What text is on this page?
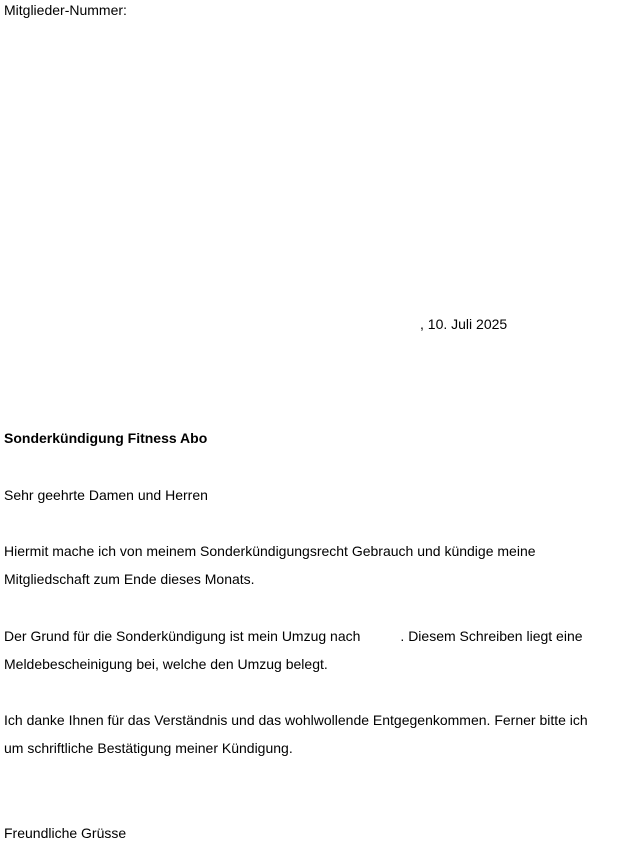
Mitglieder-Nummer:
, 10. Juli 2025
Sonderkündigung Fitness Abo
Sehr geehrte Damen und Herren
Hiermit mache ich von meinem Sonderkündigungsrecht Gebrauch und kündige meine
Mitgliedschaft zum Ende dieses Monats.
Der Grund für die Sonderkündigung ist mein Umzug nach	. Diesem Schreiben liegt eine
Meldebescheinigung bei, welche den Umzug belegt.
Ich danke Ihnen für das Verständnis und das wohlwollende Entgegenkommen. Ferner bitte ich
um schriftliche Bestätigung meiner Kündigung.
Freundliche Grüsse
